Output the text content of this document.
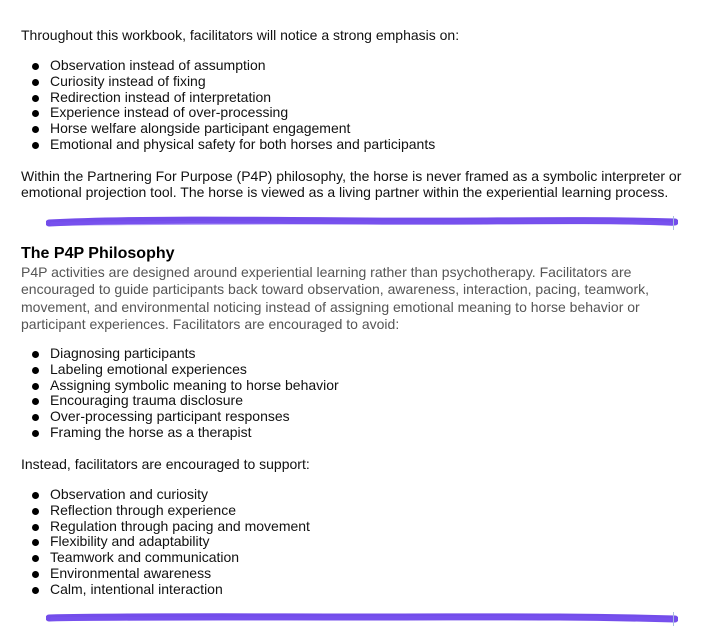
Throughout this workbook, facilitators will notice a strong emphasis on:

Observation instead of assumption
Curiosity instead of fixing
Redirection instead of interpretation
Experience instead of over-processing
Horse welfare alongside participant engagement
Emotional and physical safety for both horses and participants

Within the Partnering For Purpose (P4P) philosophy, the horse is never framed as a symbolic interpreter or

emotional projection tool. The horse is viewed as a living partner within the experiential learning process.

The P4P Philosophy

P4P activities are designed around experiential learning rather than psychotherapy. Facilitators are encouraged to guide participants back toward observation, awareness, interaction, pacing, teamwork, movement, and environmental noticing instead of assigning emotional meaning to horse behavior or participant experiences. Facilitators are encouraged to avoid:

Diagnosing participants
Labeling emotional experiences
Assigning symbolic meaning to horse behavior
Encouraging trauma disclosure
Over-processing participant responses
Framing the horse as a therapist

Instead, facilitators are encouraged to support:

Observation and curiosity
Reflection through experience
Regulation through pacing and movement
Flexibility and adaptability
Teamwork and communication
Environmental awareness
Calm, intentional interaction
